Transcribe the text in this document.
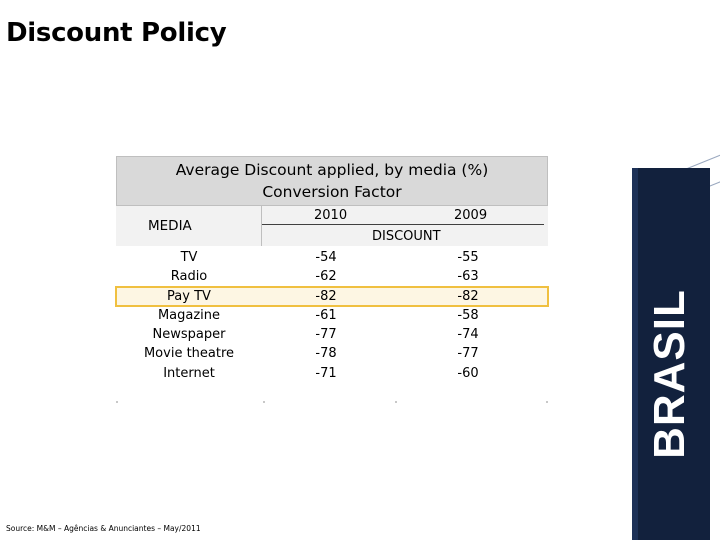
Discount Policy
Average Discount applied, by media (%)
Conversion Factor
MEDIA
2010	2009
DISCOUNT
TV	-54	-55
Radio	-62	-63
Pay TV	-82	-82
Magazine	-61	-58
Newspaper	-77	-74
Movie theatre	-78	-77
Internet	-71	-60
Source: M&M – Agências & Anunciantes – May/2011
BRASIL
